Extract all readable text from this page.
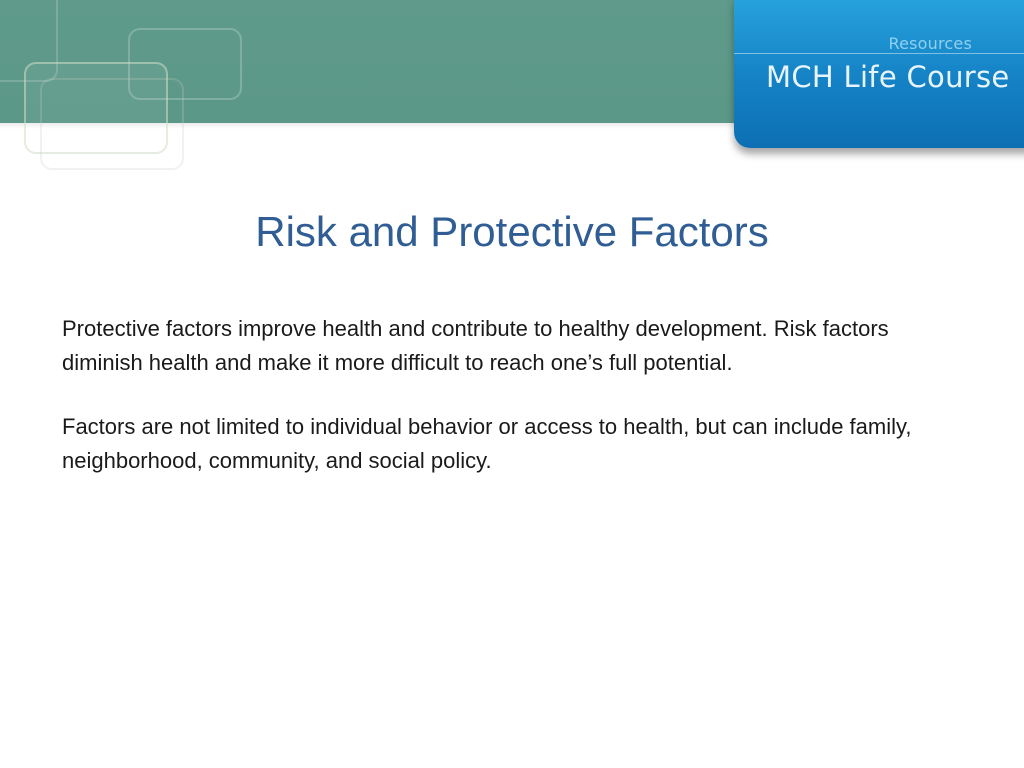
Resources
MCH Life Course
Risk and Protective Factors

Protective factors improve health and contribute to healthy development. Risk factors diminish health and make it more difficult to reach one’s full potential.

Factors are not limited to individual behavior or access to health, but can include family, neighborhood, community, and social policy.
